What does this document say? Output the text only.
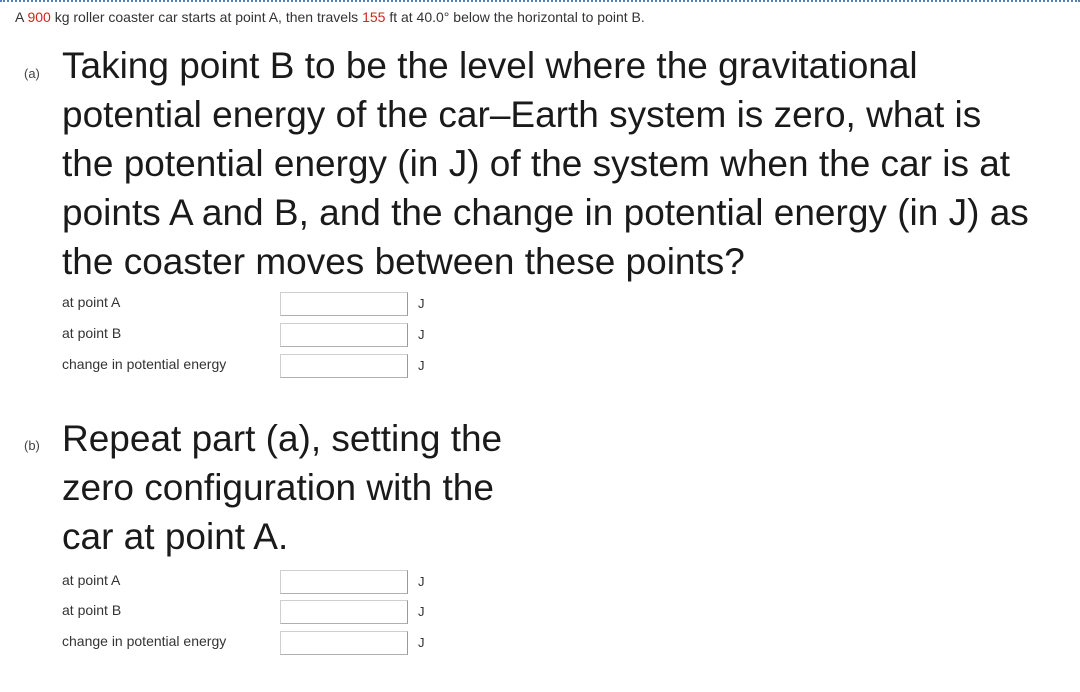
A 900 kg roller coaster car starts at point A, then travels 155 ft at 40.0° below the horizontal to point B.
(a) Taking point B to be the level where the gravitational
potential energy of the car–Earth system is zero, what is
the potential energy (in J) of the system when the car is at
points A and B, and the change in potential energy (in J) as
the coaster moves between these points?
at point A	J
at point B	J
change in potential energy	J
(b) Repeat part (a), setting the
zero configuration with the
car at point A.
at point A	J
at point B	J
change in potential energy	J
